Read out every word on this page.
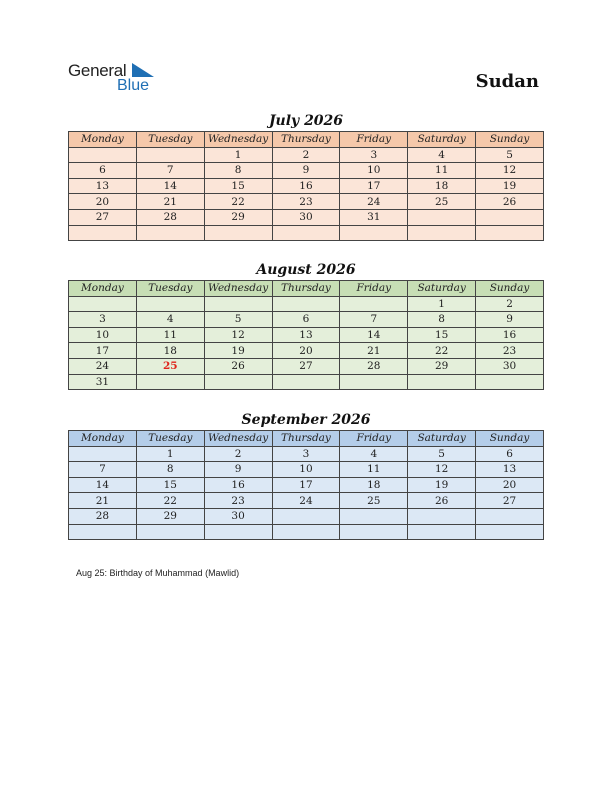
General
Blue	Sudan
July 2026
Monday	Tuesday	Wednesday	Thursday	Friday	Saturday	Sunday
		1	2	3	4	5
6	7	8	9	10	11	12
13	14	15	16	17	18	19
20	21	22	23	24	25	26
27	28	29	30	31		

August 2026
Monday	Tuesday	Wednesday	Thursday	Friday	Saturday	Sunday
					1	2
3	4	5	6	7	8	9
10	11	12	13	14	15	16
17	18	19	20	21	22	23
24	25	26	27	28	29	30
31						
September 2026
Monday	Tuesday	Wednesday	Thursday	Friday	Saturday	Sunday
	1	2	3	4	5	6
7	8	9	10	11	12	13
14	15	16	17	18	19	20
21	22	23	24	25	26	27
28	29	30				

Aug 25: Birthday of Muhammad (Mawlid)
